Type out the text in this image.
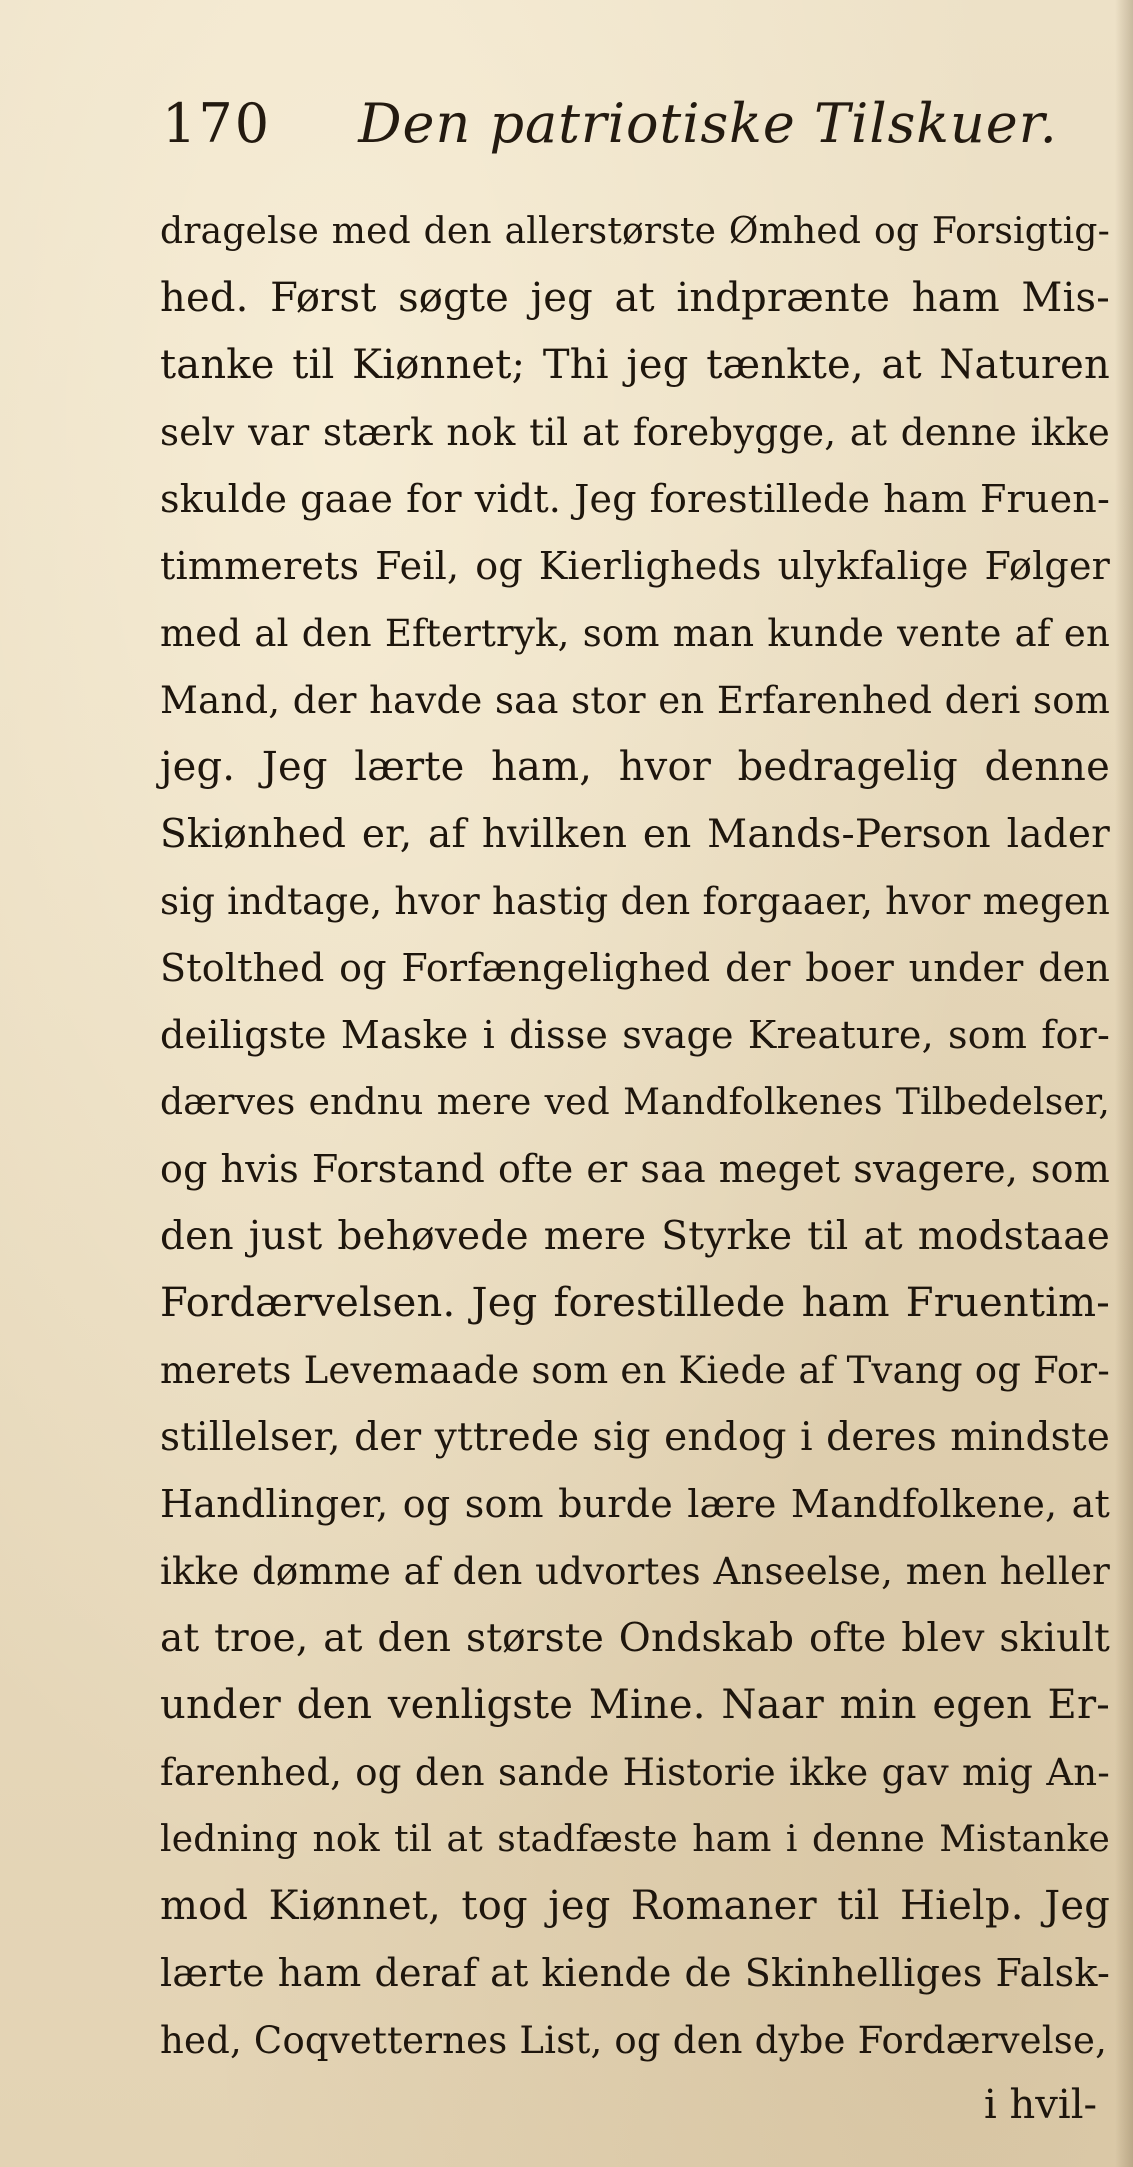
170 Den patriotiske Tilskuer.
dragelse med den allerstørste Ømhed og Forsigtig-
hed. Først søgte jeg at indprænte ham Mis-
tanke til Kiønnet; Thi jeg tænkte, at Naturen
selv var stærk nok til at forebygge, at denne ikke
skulde gaae for vidt. Jeg forestillede ham Fruen-
timmerets Feil, og Kierligheds ulykfalige Følger
med al den Eftertryk, som man kunde vente af en
Mand, der havde saa stor en Erfarenhed deri som
jeg. Jeg lærte ham, hvor bedragelig denne
Skiønhed er, af hvilken en Mands-Person lader
sig indtage, hvor hastig den forgaaer, hvor megen
Stolthed og Forfængelighed der boer under den
deiligste Maske i disse svage Kreature, som for-
dærves endnu mere ved Mandfolkenes Tilbedelser,
og hvis Forstand ofte er saa meget svagere, som
den just behøvede mere Styrke til at modstaae
Fordærvelsen. Jeg forestillede ham Fruentim-
merets Levemaade som en Kiede af Tvang og For-
stillelser, der yttrede sig endog i deres mindste
Handlinger, og som burde lære Mandfolkene, at
ikke dømme af den udvortes Anseelse, men heller
at troe, at den største Ondskab ofte blev skiult
under den venligste Mine. Naar min egen Er-
farenhed, og den sande Historie ikke gav mig An-
ledning nok til at stadfæste ham i denne Mistanke
mod Kiønnet, tog jeg Romaner til Hielp. Jeg
lærte ham deraf at kiende de Skinhelliges Falsk-
hed, Coqvetternes List, og den dybe Fordærvelse,
i hvil-
